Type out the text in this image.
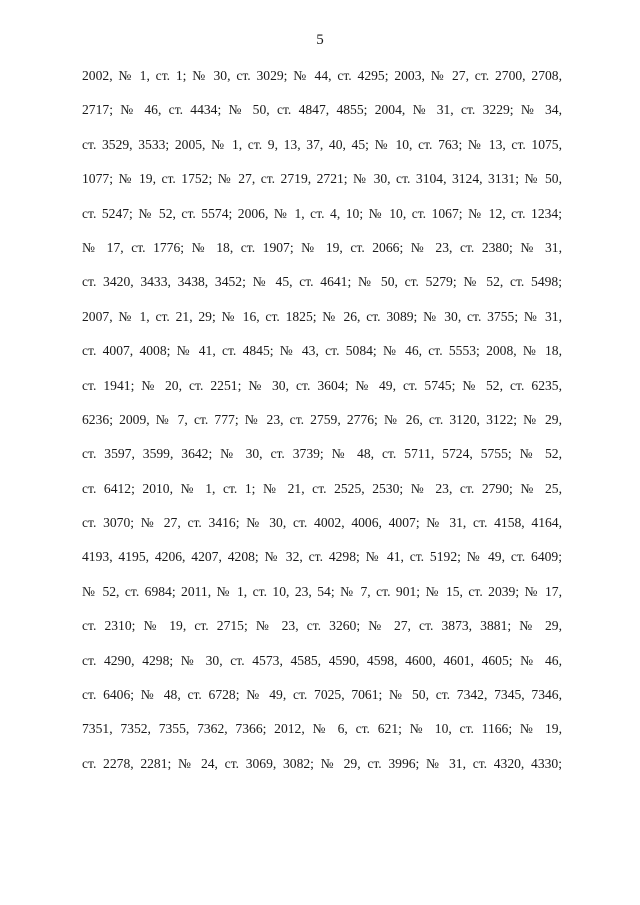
5
2002, № 1, ст. 1; № 30, ст. 3029; № 44, ст. 4295; 2003, № 27, ст. 2700, 2708,
2717; № 46, ст. 4434; № 50, ст. 4847, 4855; 2004, № 31, ст. 3229; № 34,
ст. 3529, 3533; 2005, № 1, ст. 9, 13, 37, 40, 45; № 10, ст. 763; № 13, ст. 1075,
1077; № 19, ст. 1752; № 27, ст. 2719, 2721; № 30, ст. 3104, 3124, 3131; № 50,
ст. 5247; № 52, ст. 5574; 2006, № 1, ст. 4, 10; № 10, ст. 1067; № 12, ст. 1234;
№ 17, ст. 1776; № 18, ст. 1907; № 19, ст. 2066; № 23, ст. 2380; № 31,
ст. 3420, 3433, 3438, 3452; № 45, ст. 4641; № 50, ст. 5279; № 52, ст. 5498;
2007, № 1, ст. 21, 29; № 16, ст. 1825; № 26, ст. 3089; № 30, ст. 3755; № 31,
ст. 4007, 4008; № 41, ст. 4845; № 43, ст. 5084; № 46, ст. 5553; 2008, № 18,
ст. 1941; № 20, ст. 2251; № 30, ст. 3604; № 49, ст. 5745; № 52, ст. 6235,
6236; 2009, № 7, ст. 777; № 23, ст. 2759, 2776; № 26, ст. 3120, 3122; № 29,
ст. 3597, 3599, 3642; № 30, ст. 3739; № 48, ст. 5711, 5724, 5755; № 52,
ст. 6412; 2010, № 1, ст. 1; № 21, ст. 2525, 2530; № 23, ст. 2790; № 25,
ст. 3070; № 27, ст. 3416; № 30, ст. 4002, 4006, 4007; № 31, ст. 4158, 4164,
4193, 4195, 4206, 4207, 4208; № 32, ст. 4298; № 41, ст. 5192; № 49, ст. 6409;
№ 52, ст. 6984; 2011, № 1, ст. 10, 23, 54; № 7, ст. 901; № 15, ст. 2039; № 17,
ст. 2310; № 19, ст. 2715; № 23, ст. 3260; № 27, ст. 3873, 3881; № 29,
ст. 4290, 4298; № 30, ст. 4573, 4585, 4590, 4598, 4600, 4601, 4605; № 46,
ст. 6406; № 48, ст. 6728; № 49, ст. 7025, 7061; № 50, ст. 7342, 7345, 7346,
7351, 7352, 7355, 7362, 7366; 2012, № 6, ст. 621; № 10, ст. 1166; № 19,
ст. 2278, 2281; № 24, ст. 3069, 3082; № 29, ст. 3996; № 31, ст. 4320, 4330;
